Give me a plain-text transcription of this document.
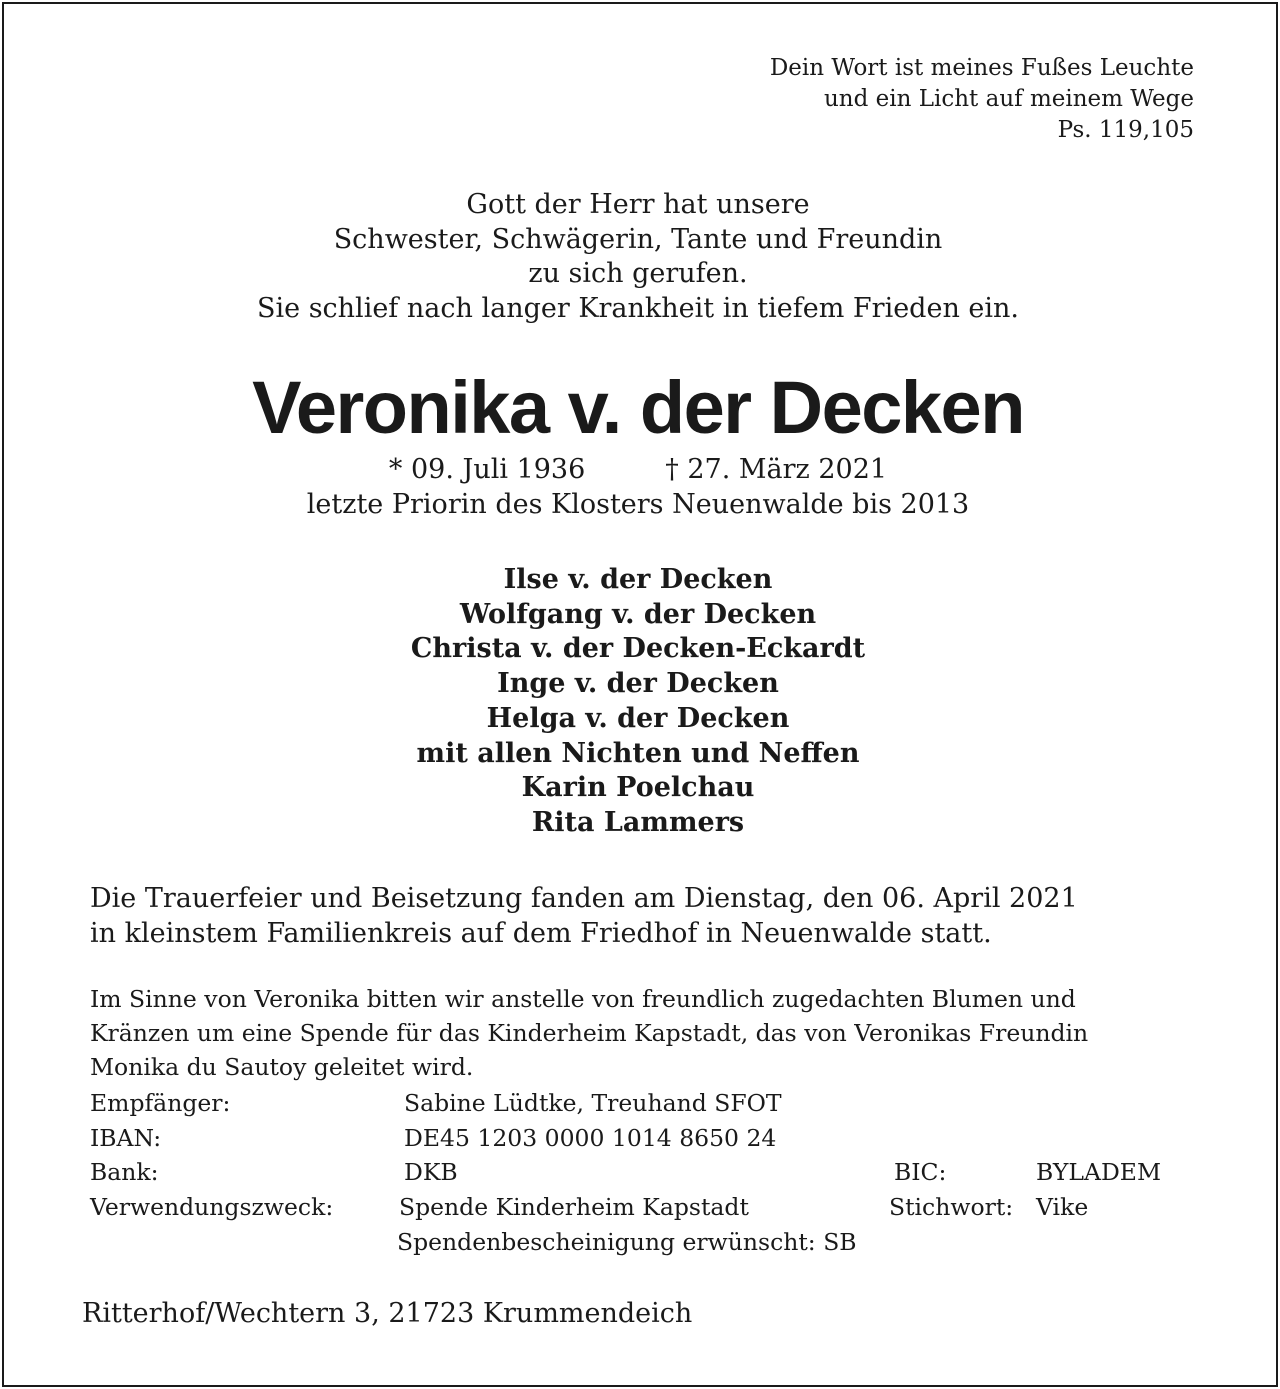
Dein Wort ist meines Fußes Leuchte
und ein Licht auf meinem Wege
Ps. 119,105
Gott der Herr hat unsere
Schwester, Schwägerin, Tante und Freundin
zu sich gerufen.
Sie schlief nach langer Krankheit in tiefem Frieden ein.
Veronika v. der Decken
* 09. Juli 1936	† 27. März 2021
letzte Priorin des Klosters Neuenwalde bis 2013
Ilse v. der Decken
Wolfgang v. der Decken
Christa v. der Decken-Eckardt
Inge v. der Decken
Helga v. der Decken
mit allen Nichten und Neffen
Karin Poelchau
Rita Lammers
Die Trauerfeier und Beisetzung fanden am Dienstag, den 06. April 2021
in kleinstem Familienkreis auf dem Friedhof in Neuenwalde statt.
Im Sinne von Veronika bitten wir anstelle von freundlich zugedachten Blumen und
Kränzen um eine Spende für das Kinderheim Kapstadt, das von Veronikas Freundin
Monika du Sautoy geleitet wird.
Empfänger:	Sabine Lüdtke, Treuhand SFOT
IBAN:	DE45 1203 0000 1014 8650 24
Bank:	DKB	BIC:	BYLADEM
Verwendungszweck:	Spende Kinderheim Kapstadt	Stichwort: Vike
Spendenbescheinigung erwünscht: SB
Ritterhof/Wechtern 3, 21723 Krummendeich
